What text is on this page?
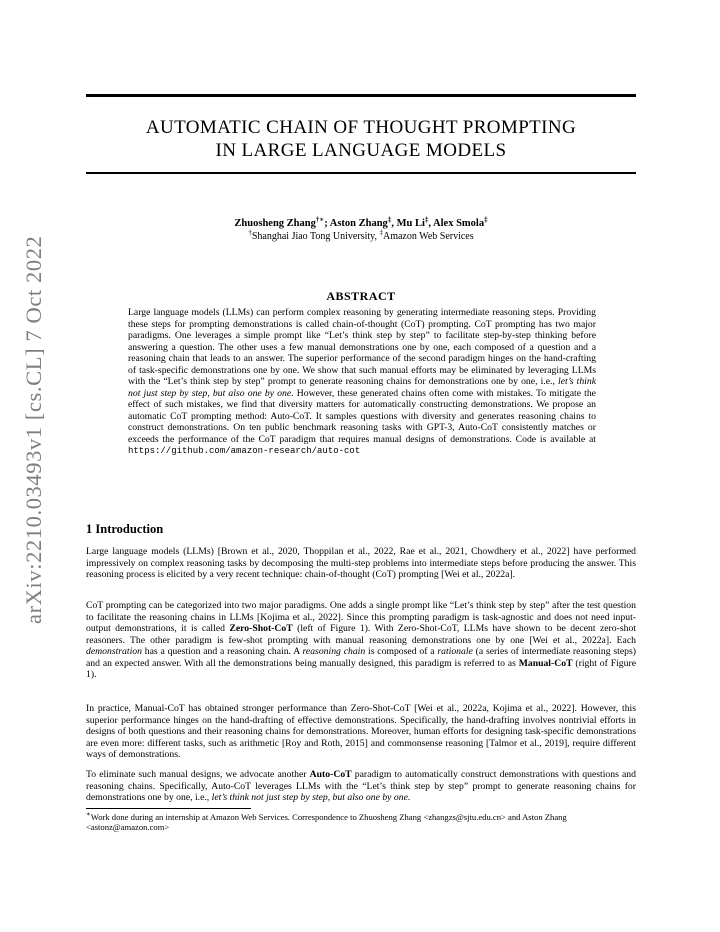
arXiv:2210.03493v1 [cs.CL] 7 Oct 2022
AUTOMATIC CHAIN OF THOUGHT PROMPTING
IN LARGE LANGUAGE MODELS
Zhuosheng Zhang†∗; Aston Zhang‡, Mu Li‡, Alex Smola‡
†Shanghai Jiao Tong University, ‡Amazon Web Services
ABSTRACT
Large language models (LLMs) can perform complex reasoning by generating intermediate reasoning steps. Providing these steps for prompting demonstrations is called chain-of-thought (CoT) prompting. CoT prompting has two major paradigms. One leverages a simple prompt like “Let’s think step by step” to facilitate step-by-step thinking before answering a question. The other uses a few manual demonstrations one by one, each composed of a question and a reasoning chain that leads to an answer. The superior performance of the second paradigm hinges on the hand-crafting of task-specific demonstrations one by one. We show that such manual efforts may be eliminated by leveraging LLMs with the “Let’s think step by step” prompt to generate reasoning chains for demonstrations one by one, i.e., let’s think not just step by step, but also one by one. However, these generated chains often come with mistakes. To mitigate the effect of such mistakes, we find that diversity matters for automatically constructing demonstrations. We propose an automatic CoT prompting method: Auto-CoT. It samples questions with diversity and generates reasoning chains to construct demonstrations. On ten public benchmark reasoning tasks with GPT-3, Auto-CoT consistently matches or exceeds the performance of the CoT paradigm that requires manual designs of demonstrations. Code is available at https://github.com/amazon-research/auto-cot
1 Introduction
Large language models (LLMs) [Brown et al., 2020, Thoppilan et al., 2022, Rae et al., 2021, Chowdhery et al., 2022] have performed impressively on complex reasoning tasks by decomposing the multi-step problems into intermediate steps before producing the answer. This reasoning process is elicited by a very recent technique: chain-of-thought (CoT) prompting [Wei et al., 2022a].
CoT prompting can be categorized into two major paradigms. One adds a single prompt like “Let’s think step by step” after the test question to facilitate the reasoning chains in LLMs [Kojima et al., 2022]. Since this prompting paradigm is task-agnostic and does not need input-output demonstrations, it is called Zero-Shot-CoT (left of Figure 1). With Zero-Shot-CoT, LLMs have shown to be decent zero-shot reasoners. The other paradigm is few-shot prompting with manual reasoning demonstrations one by one [Wei et al., 2022a]. Each demonstration has a question and a reasoning chain. A reasoning chain is composed of a rationale (a series of intermediate reasoning steps) and an expected answer. With all the demonstrations being manually designed, this paradigm is referred to as Manual-CoT (right of Figure 1).
In practice, Manual-CoT has obtained stronger performance than Zero-Shot-CoT [Wei et al., 2022a, Kojima et al., 2022]. However, this superior performance hinges on the hand-drafting of effective demonstrations. Specifically, the hand-drafting involves nontrivial efforts in designs of both questions and their reasoning chains for demonstrations. Moreover, human efforts for designing task-specific demonstrations are even more: different tasks, such as arithmetic [Roy and Roth, 2015] and commonsense reasoning [Talmor et al., 2019], require different ways of demonstrations.
To eliminate such manual designs, we advocate another Auto-CoT paradigm to automatically construct demonstrations with questions and reasoning chains. Specifically, Auto-CoT leverages LLMs with the “Let’s think step by step” prompt to generate reasoning chains for demonstrations one by one, i.e., let’s think not just step by step, but also one by one.
∗Work done during an internship at Amazon Web Services. Correspondence to Zhuosheng Zhang <zhangzs@sjtu.edu.cn> and Aston Zhang <astonz@amazon.com>
